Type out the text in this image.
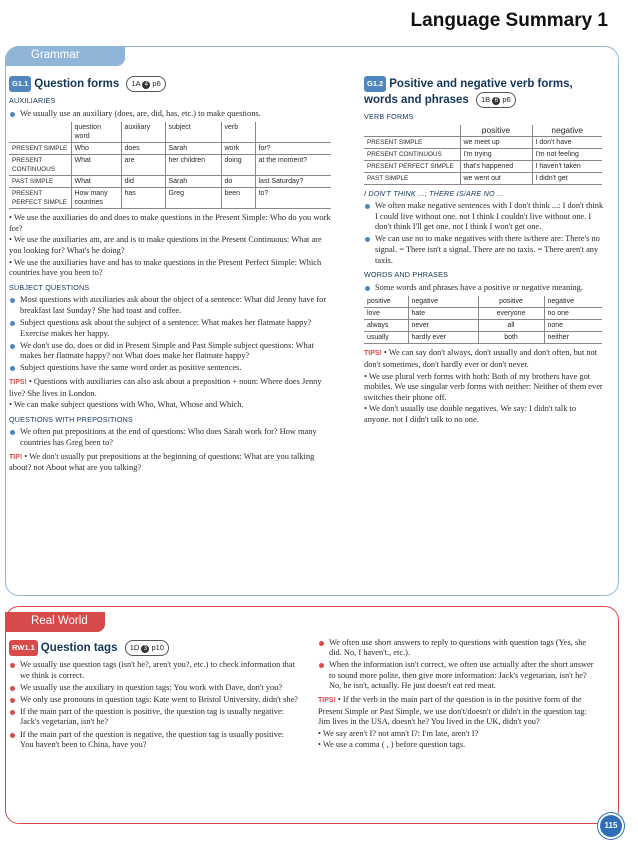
Language Summary 1
Grammar
G1.1 Question forms 1A 4 p6
AUXILIARIES
We usually use an auxiliary (does, are, did, has, etc.) to make questions.
	question word	auxiliary	subject	verb	
PRESENT SIMPLE	Who	does	Sarah	work	for?
PRESENT CONTINUOUS	What	are	her children	doing	at the moment?
PAST SIMPLE	What	did	Sarah	do	last Saturday?
PRESENT PERFECT SIMPLE	How many countries	has	Greg	been	to?
• We use the auxiliaries do and does to make questions in the Present Simple: Who do you work for?
• We use the auxiliaries am, are and is to make questions in the Present Continuous: What are you looking for? What's he doing?
• We use the auxiliaries have and has to make questions in the Present Perfect Simple: Which countries have you been to?
SUBJECT QUESTIONS
Most questions with auxiliaries ask about the object of a sentence: What did Jenny have for breakfast last Sunday? She had toast and coffee.
Subject questions ask about the subject of a sentence: What makes her flatmate happy? Exercise makes her happy.
We don't use do, does or did in Present Simple and Past Simple subject questions: What makes her flatmate happy? not What does make her flatmate happy?
Subject questions have the same word order as positive sentences.
TIPS! • Questions with auxiliaries can also ask about a preposition + noun: Where does Jenny live? She lives in London.
• We can make subject questions with Who, What, Whose and Which.
QUESTIONS WITH PREPOSITIONS
We often put prepositions at the end of questions: Who does Sarah work for? How many countries has Greg been to?
TIP! • We don't usually put prepositions at the beginning of questions: What are you talking about? not About what are you talking?
G1.2 Positive and negative verb forms, words and phrases 1B 6 p6
VERB FORMS
	positive	negative
PRESENT SIMPLE	we meet up	I don't have
PRESENT CONTINUOUS	I'm trying	I'm not feeling
PRESENT PERFECT SIMPLE	that's happened	I haven't taken
PAST SIMPLE	we went out	I didn't get
I DON'T THINK ...; THERE IS/ARE NO ...
We often make negative sentences with I don't think ...: I don't think I could live without one. not I think I couldn't live without one. I don't think I'll get one. not I think I won't get one.
We can use no to make negatives with there is/there are: There's no signal. = There isn't a signal. There are no taxis. = There aren't any taxis.
WORDS AND PHRASES
Some words and phrases have a positive or negative meaning.
positive	negative	positive	negative
love	hate	everyone	no one
always	never	all	none
usually	hardly ever	both	neither
TIPS! • We can say don't always, don't usually and don't often, but not don't sometimes, don't hardly ever or don't never.
• We use plural verb forms with both: Both of my brothers have got mobiles. We use singular verb forms with neither: Neither of them ever switches their phone off.
• We don't usually use double negatives. We say: I didn't talk to anyone. not I didn't talk to no one.
Real World
RW1.1 Question tags 1D 3 p10
We usually use question tags (isn't he?, aren't you?, etc.) to check information that we think is correct.
We usually use the auxiliary in question tags: You work with Dave, don't you?
We only use pronouns in question tags: Kate went to Bristol University, didn't she?
If the main part of the question is positive, the question tag is usually negative: Jack's vegetarian, isn't he?
If the main part of the question is negative, the question tag is usually positive: You haven't been to China, have you?
We often use short answers to reply to questions with question tags (Yes, she did. No, I haven't., etc.).
When the information isn't correct, we often use actually after the short answer to sound more polite, then give more information: Jack's vegetarian, isn't he? No, he isn't, actually. He just doesn't eat red meat.
TIPS! • If the verb in the main part of the question is in the positive form of the Present Simple or Past Simple, we use don't/doesn't or didn't in the question tag: Jim lives in the USA, doesn't he? You lived in the UK, didn't you?
• We say aren't I? not amn't I?: I'm late, aren't I?
• We use a comma ( , ) before question tags.
115
